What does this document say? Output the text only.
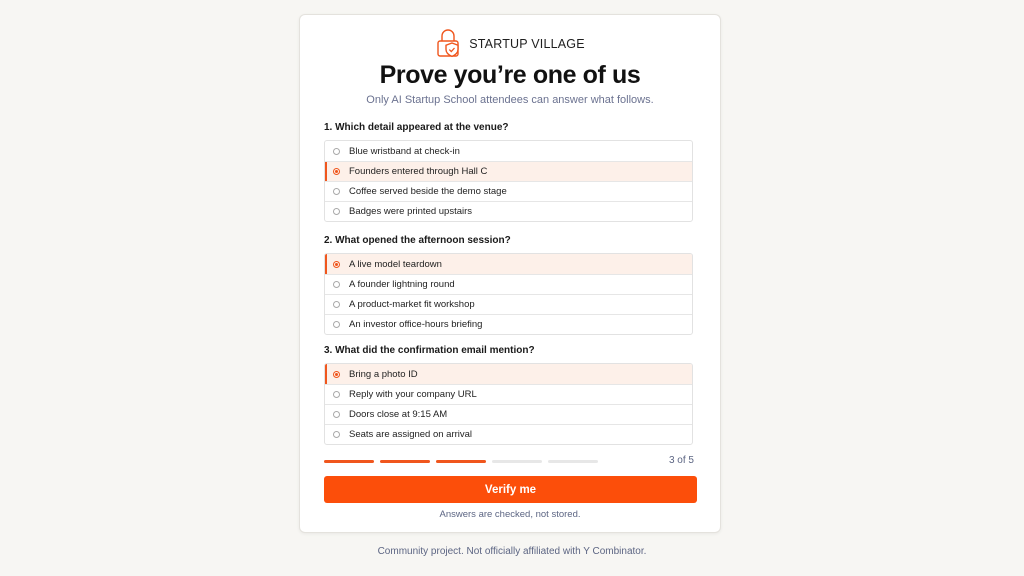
STARTUP VILLAGE
Prove you’re one of us
Only AI Startup School attendees can answer what follows.
1. Which detail appeared at the venue?
Blue wristband at check-in
Founders entered through Hall C
Coffee served beside the demo stage
Badges were printed upstairs
2. What opened the afternoon session?
A live model teardown
A founder lightning round
A product-market fit workshop
An investor office-hours briefing
3. What did the confirmation email mention?
Bring a photo ID
Reply with your company URL
Doors close at 9:15 AM
Seats are assigned on arrival
3 of 5
Verify me
Answers are checked, not stored.
Community project. Not officially affiliated with Y Combinator.
